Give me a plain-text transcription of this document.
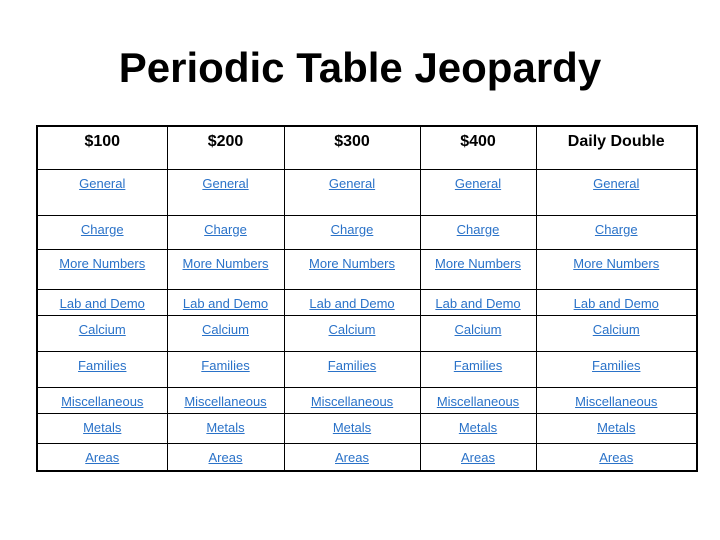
Periodic Table Jeopardy
$100	$200	$300	$400	Daily Double
General	General	General	General	General
Charge	Charge	Charge	Charge	Charge
More Numbers	More Numbers	More Numbers	More Numbers	More Numbers
Lab and Demo	Lab and Demo	Lab and Demo	Lab and Demo	Lab and Demo
Calcium	Calcium	Calcium	Calcium	Calcium
Families	Families	Families	Families	Families
Miscellaneous	Miscellaneous	Miscellaneous	Miscellaneous	Miscellaneous
Metals	Metals	Metals	Metals	Metals
Areas	Areas	Areas	Areas	Areas
